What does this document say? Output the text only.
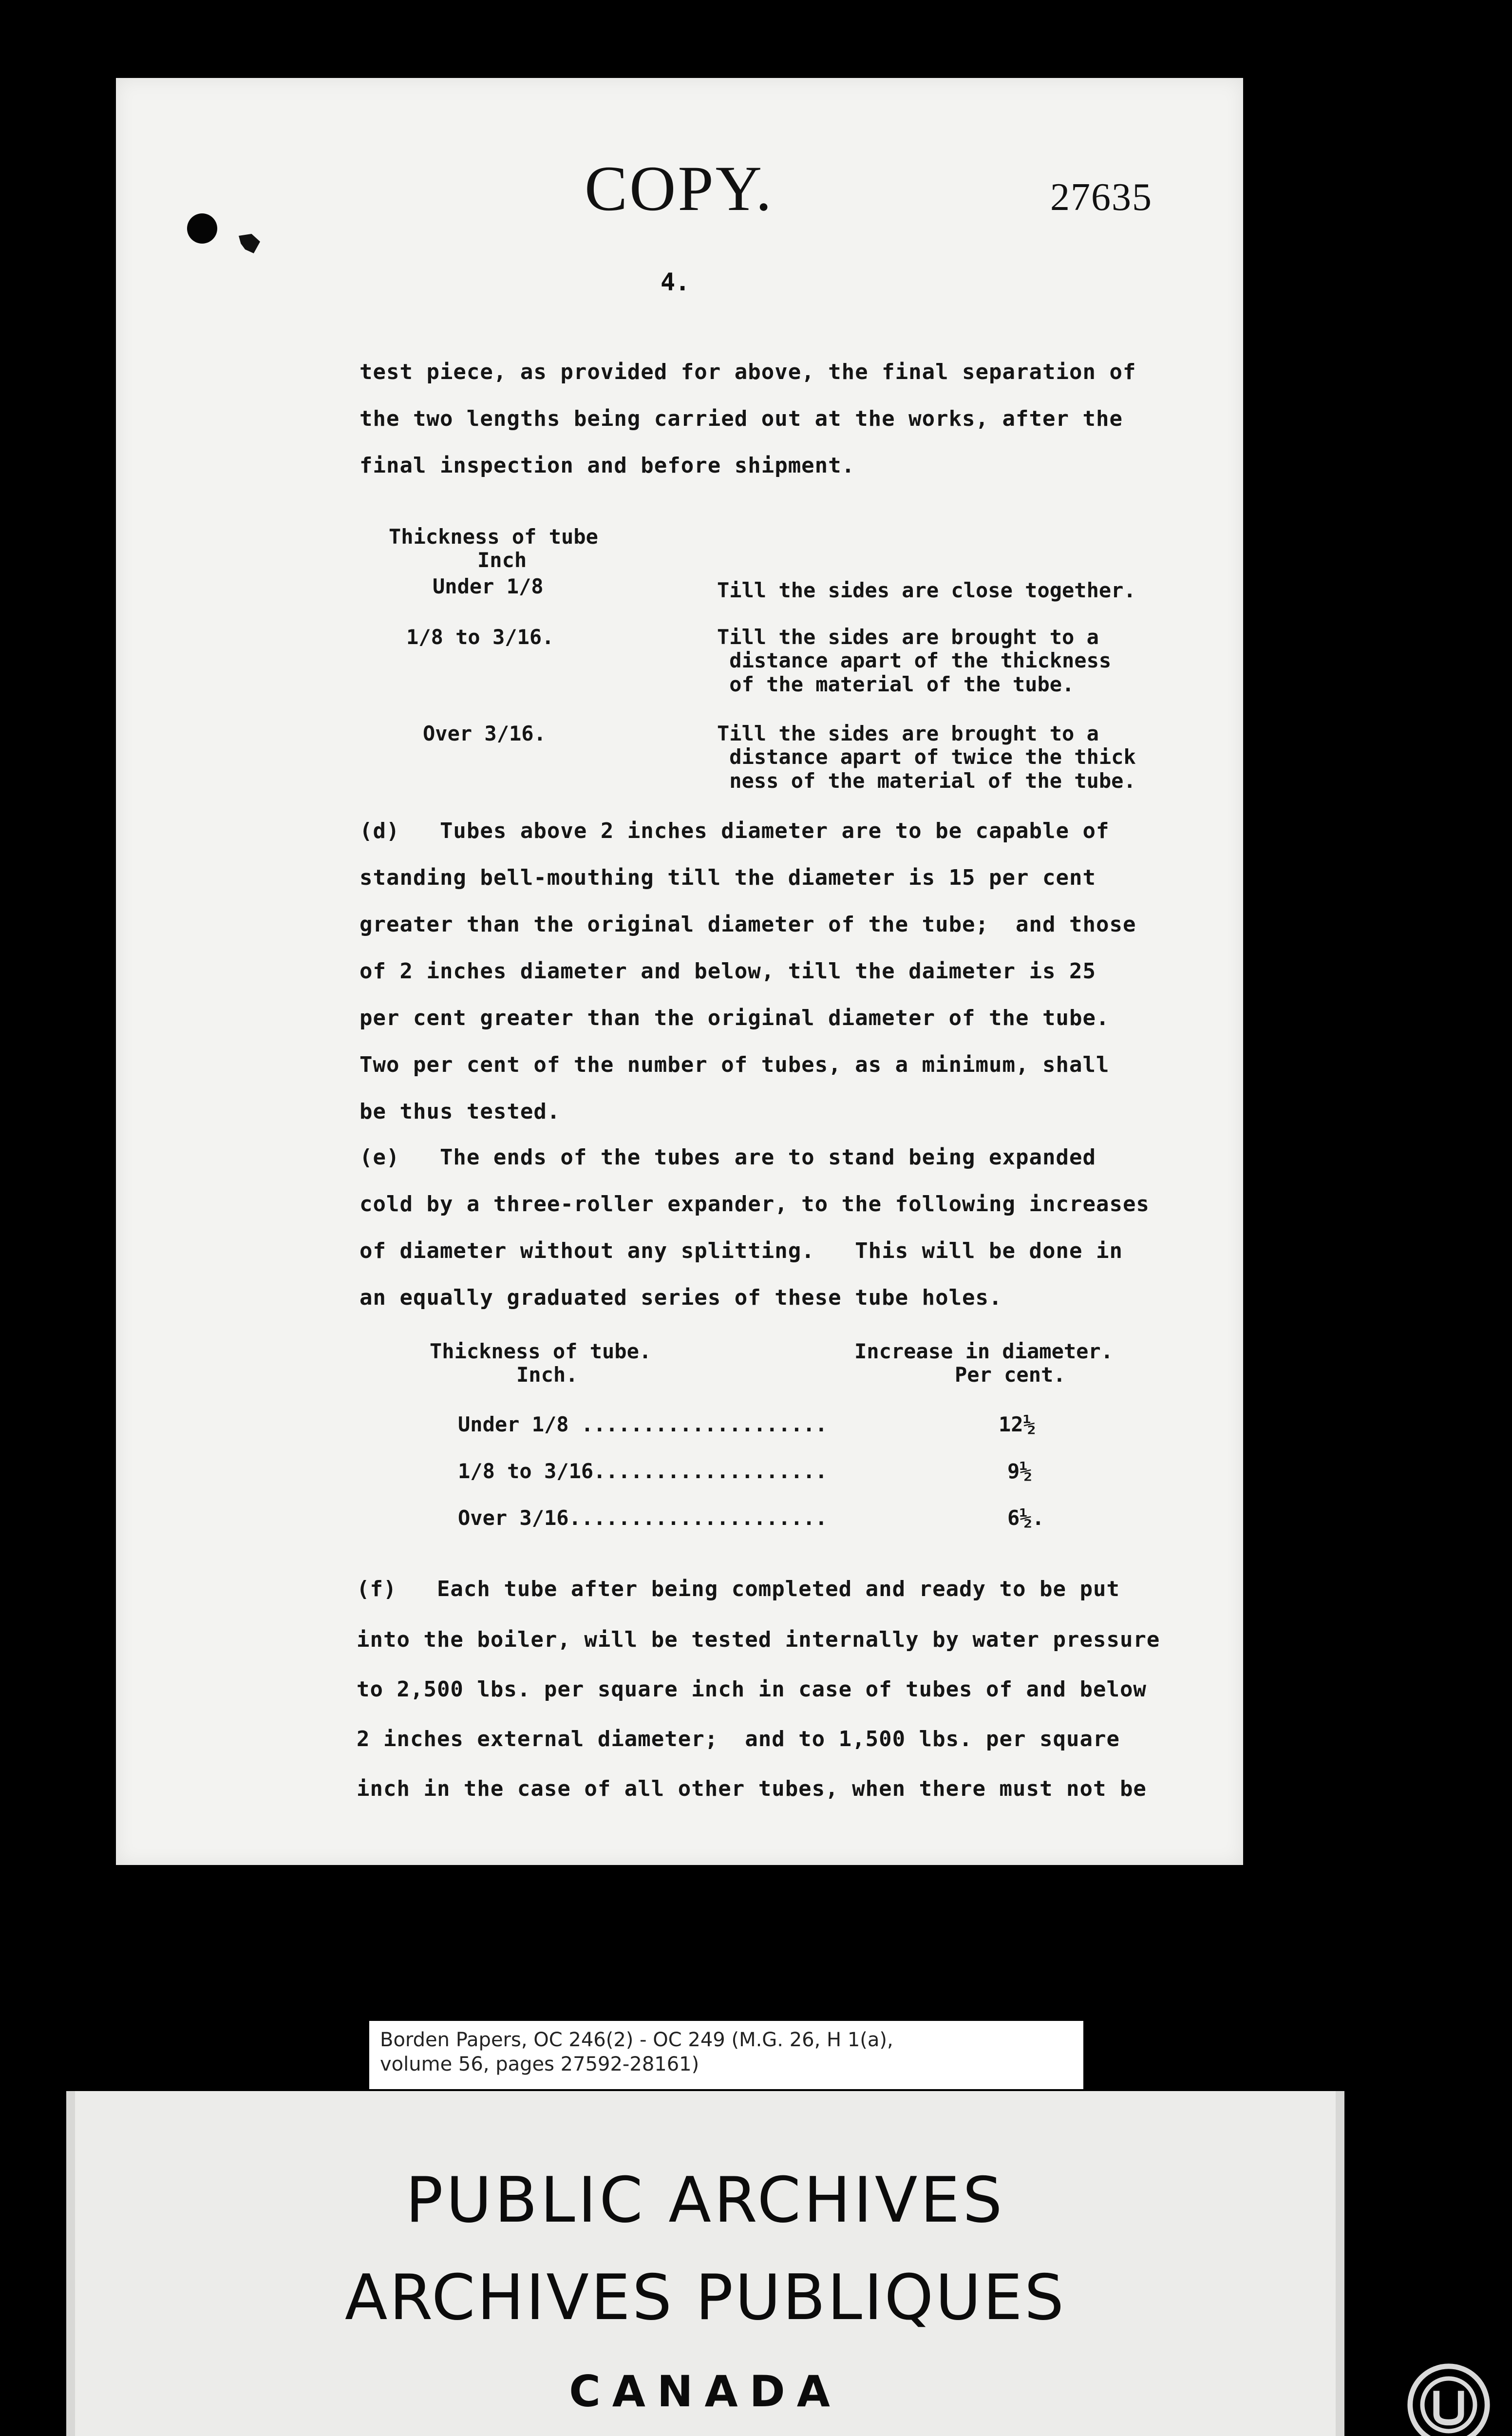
COPY.	27635
4.
test piece, as provided for above, the final separation of
the two lengths being carried out at the works, after the
final inspection and before shipment.
Thickness of tube
Inch
Under 1/8	Till the sides are close together.
1/8 to 3/16.	Till the sides are brought to a
distance apart of the thickness
of the material of the tube.
Over 3/16.	Till the sides are brought to a
distance apart of twice the thick
ness of the material of the tube.
(d)   Tubes above 2 inches diameter are to be capable of
standing bell-mouthing till the diameter is 15 per cent
greater than the original diameter of the tube;  and those
of 2 inches diameter and below, till the daimeter is 25
per cent greater than the original diameter of the tube.
Two per cent of the number of tubes, as a minimum, shall
be thus tested.
(e)   The ends of the tubes are to stand being expanded
cold by a three-roller expander, to the following increases
of diameter without any splitting.   This will be done in
an equally graduated series of these tube holes.
Thickness of tube.
Inch.
Increase in diameter.
Per cent.
Under 1/8 ....................	12½
1/8 to 3/16...................	9½
Over 3/16.....................	6½.
(f)   Each tube after being completed and ready to be put
into the boiler, will be tested internally by water pressure
to 2,500 lbs. per square inch in case of tubes of and below
2 inches external diameter;  and to 1,500 lbs. per square
inch in the case of all other tubes, when there must not be
Borden Papers, OC 246(2) - OC 249 (M.G. 26, H 1(a),
volume 56, pages 27592-28161)
PUBLIC ARCHIVES
ARCHIVES PUBLIQUES
CANADA
